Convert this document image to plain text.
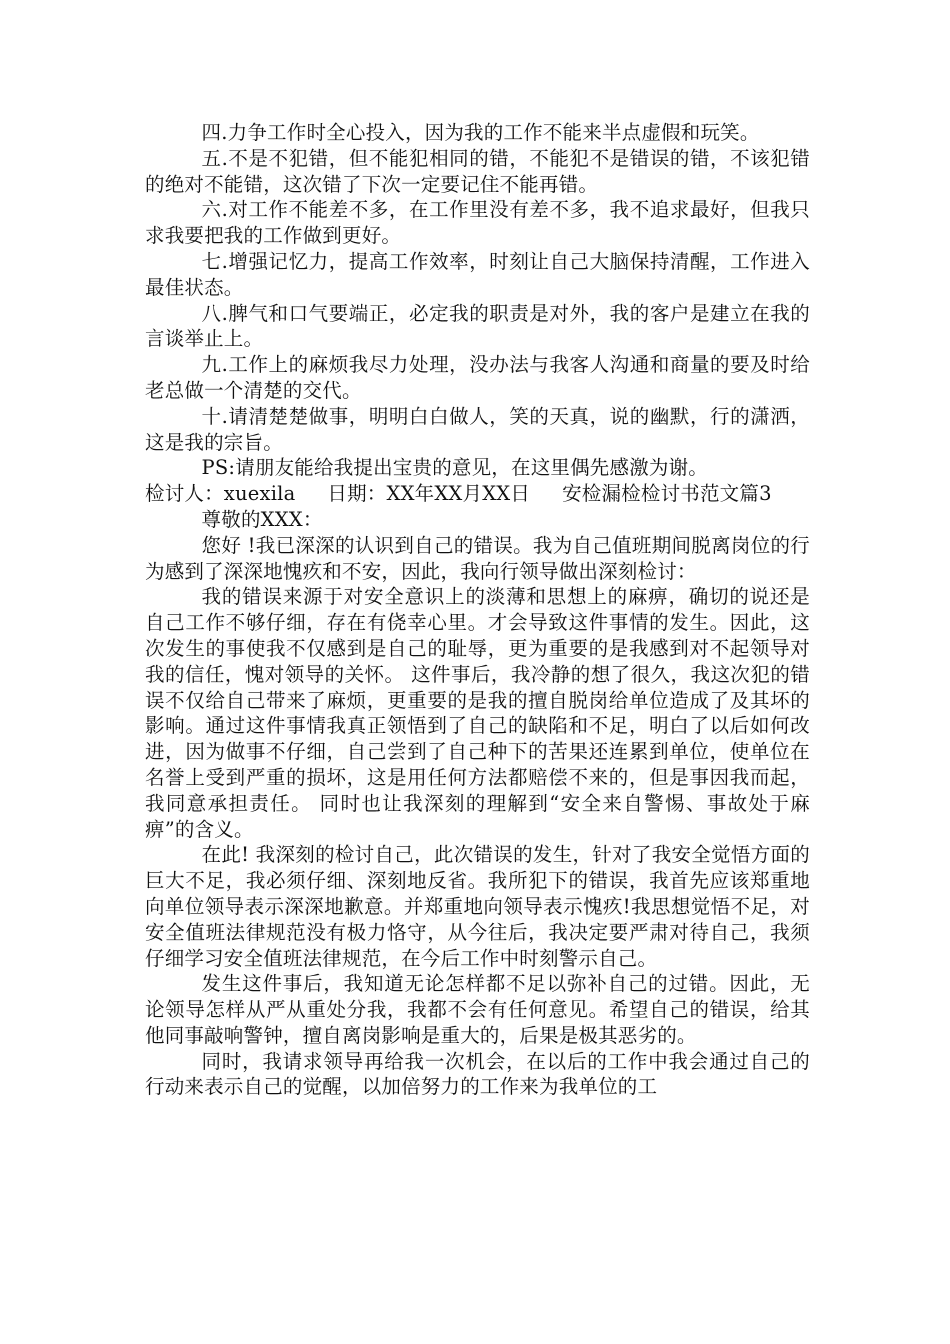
四.力争工作时全心投入，因为我的工作不能来半点虚假和玩笑。

五.不是不犯错，但不能犯相同的错，不能犯不是错误的错，不该犯错的绝对不能错，这次错了下次一定要记住不能再错。

六.对工作不能差不多，在工作里没有差不多，我不追求最好，但我只求我要把我的工作做到更好。

七.增强记忆力，提高工作效率，时刻让自己大脑保持清醒，工作进入最佳状态。

八.脾气和口气要端正，必定我的职责是对外，我的客户是建立在我的言谈举止上。

九.工作上的麻烦我尽力处理，没办法与我客人沟通和商量的要及时给老总做一个清楚的交代。

十.请清楚楚做事，明明白白做人，笑的天真，说的幽默，行的潇洒，这是我的宗旨。

PS:请朋友能给我提出宝贵的意见，在这里偶先感激为谢。

检讨人：xuexila     日期：XX年XX月XX日     安检漏检检讨书范文篇3

尊敬的XXX：

您好 !我已深深的认识到自己的错误。我为自己值班期间脱离岗位的行为感到了深深地愧疚和不安，因此，我向行领导做出深刻检讨：

我的错误来源于对安全意识上的淡薄和思想上的麻痹，确切的说还是自己工作不够仔细，存在有侥幸心里。才会导致这件事情的发生。因此，这次发生的事使我不仅感到是自己的耻辱，更为重要的是我感到对不起领导对我的信任，愧对领导的关怀。 这件事后，我冷静的想了很久，我这次犯的错误不仅给自己带来了麻烦，更重要的是我的擅自脱岗给单位造成了及其坏的影响。通过这件事情我真正领悟到了自己的缺陷和不足，明白了以后如何改进，因为做事不仔细，自己尝到了自己种下的苦果还连累到单位，使单位在名誉上受到严重的损坏，这是用任何方法都赔偿不来的，但是事因我而起，我同意承担责任。 同时也让我深刻的理解到“安全来自警惕、事故处于麻痹”的含义。

在此! 我深刻的检讨自己，此次错误的发生，针对了我安全觉悟方面的巨大不足，我必须仔细、深刻地反省。我所犯下的错误，我首先应该郑重地向单位领导表示深深地歉意。并郑重地向领导表示愧疚!我思想觉悟不足，对安全值班法律规范没有极力恪守，从今往后，我决定要严肃对待自己，我须仔细学习安全值班法律规范，在今后工作中时刻警示自己。

发生这件事后，我知道无论怎样都不足以弥补自己的过错。因此，无论领导怎样从严从重处分我，我都不会有任何意见。希望自己的错误，给其他同事敲响警钟，擅自离岗影响是重大的，后果是极其恶劣的。

同时，我请求领导再给我一次机会，在以后的工作中我会通过自己的行动来表示自己的觉醒，以加倍努力的工作来为我单位的工
